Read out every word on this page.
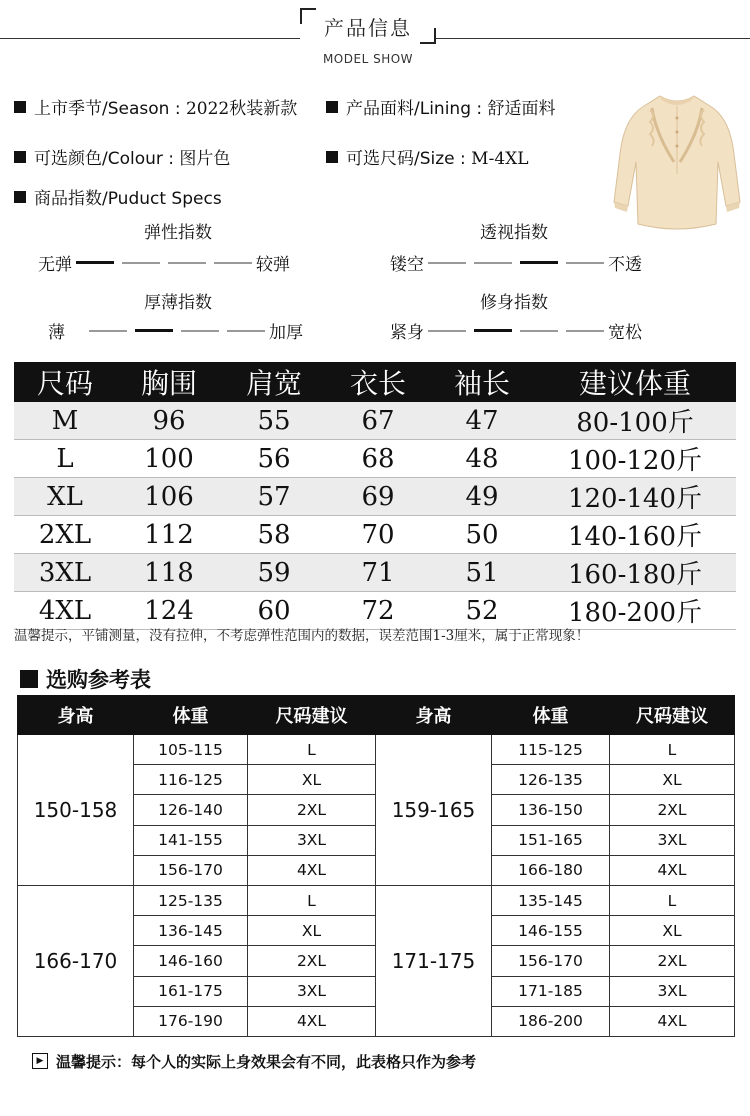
产品信息
MODEL SHOW
上市季节/Season : 2022秋装新款	产品面料/Lining : 舒适面料
可选颜色/Colour : 图片色	可选尺码/Size : M-4XL
商品指数/Puduct Specs
弹性指数
无弹	较弹
透视指数
镂空	不透
厚薄指数
薄	加厚
修身指数
紧身	宽松
尺码	胸围	肩宽	衣长	袖长	建议体重
M	96	55	67	47	80-100斤
L	100	56	68	48	100-120斤
XL	106	57	69	49	120-140斤
2XL	112	58	70	50	140-160斤
3XL	118	59	71	51	160-180斤
4XL	124	60	72	52	180-200斤
温馨提示，平铺测量，没有拉伸，不考虑弹性范围内的数据，误差范围1-3厘米，属于正常现象！
选购参考表
身高	体重	尺码建议	身高	体重	尺码建议
150-158	105-115	L	159-165	115-125	L
	116-125	XL		126-135	XL
	126-140	2XL		136-150	2XL
	141-155	3XL		151-165	3XL
	156-170	4XL		166-180	4XL
166-170	125-135	L	171-175	135-145	L
	136-145	XL		146-155	XL
	146-160	2XL		156-170	2XL
	161-175	3XL		171-185	3XL
	176-190	4XL		186-200	4XL
▶ 温馨提示：每个人的实际上身效果会有不同，此表格只作为参考
